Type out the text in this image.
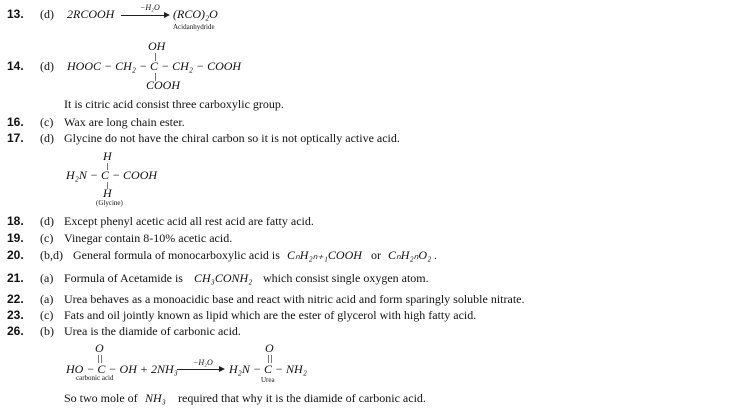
13. (d) 2RCOOH	−H₂O → (RCO)₂O
Acidanhydride
OH
14. (d) HOOC − CH₂ − C − CH₂ − COOH
COOH
It is citric acid consist three carboxylic group.
16. (c) Wax are long chain ester.
17. (d) Glycine do not have the chiral carbon so it is not optically active acid.
H
H₂N − C − COOH
H
(Glycine)
18. (d) Except phenyl acetic acid all rest acid are fatty acid.
19. (c) Vinegar contain 8-10% acetic acid.
20. (b,d) General formula of monocarboxylic acid is CₙH₂ₙ₊₁COOH or CₙH₂ₙO₂ .
21. (a) Formula of Acetamide is CH₃CONH₂ which consist single oxygen atom.
22. (a) Urea behaves as a monoacidic base and react with nitric acid and form sparingly soluble nitrate.
23. (c) Fats and oil jointly known as lipid which are the ester of glycerol with high fatty acid.
26. (b) Urea is the diamide of carbonic acid.
O
HO − C − OH + 2NH₃
carbonic acid
−H₂O
O
H₂N − C − NH₂
Urea
So two mole of NH₃ required that why it is the diamide of carbonic acid.
